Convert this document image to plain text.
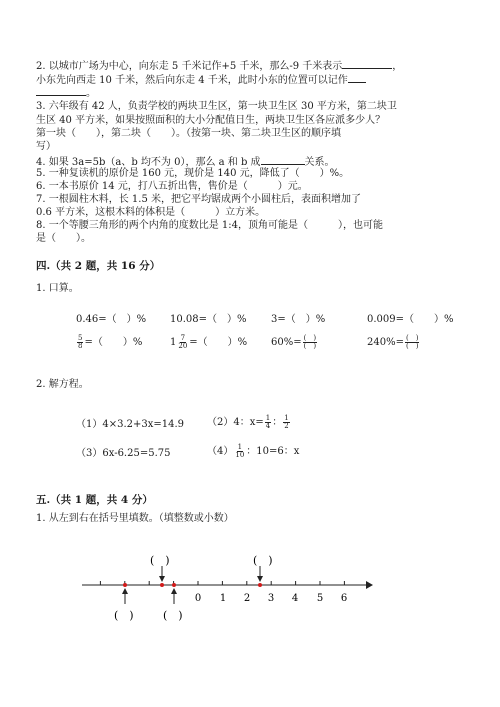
2. 以城市广场为中心，向东走 5 千米记作+5 千米，那么-9 千米表示	，
小东先向西走 10 千米，然后向东走 4 千米，此时小东的位置可以记作
。
3. 六年级有 42 人，负责学校的两块卫生区，第一块卫生区 30 平方米，第二块卫
生区 40 平方米，如果按照面积的大小分配值日生，两块卫生区各应派多少人？
第一块（　　），第二块（　　）。（按第一块、第二块卫生区的顺序填
写）
4. 如果 3a=5b（a、b 均不为 0），那么 a 和 b 成	关系。
5. 一种复读机的原价是 160 元，现价是 140 元，降低了（　　）%。
6. 一本书原价 14 元，打八五折出售，售价是（　　　）元。
7. 一根圆柱木料，长 1.5 米，把它平均锯成两个小圆柱后，表面积增加了
0.6 平方米，这根木料的体积是（　　　）立方米。
8. 一个等腰三角形的两个内角的度数比是 1:4，顶角可能是（　　　），也可能
是（　　）。
四.（共 2 题，共 16 分）
1. 口算。
0.46=（　）% 10.08=（　）% 3=（　）%	0.009=（　　）%
$\frac{5}{8}$ =（　　）%	$1 \frac{7}{20}$ =（　　）% $60\%= \frac{( )}{( )}$	$240\%= \frac{( )}{( )}$
2. 解方程。
（1）4×3.2+3x=14.9 （2）4：$x= \frac{1}{4}$ ： $\frac{1}{2}$
（3）6x-6.25=5.75	$(4) \frac{1}{10}$ ：10=6：x
五.（共 1 题，共 4 分）
1. 从左到右在括号里填数。（填整数或小数）
0 1 2 3 4 5 6
(　)	(　)
(　)	(　)
